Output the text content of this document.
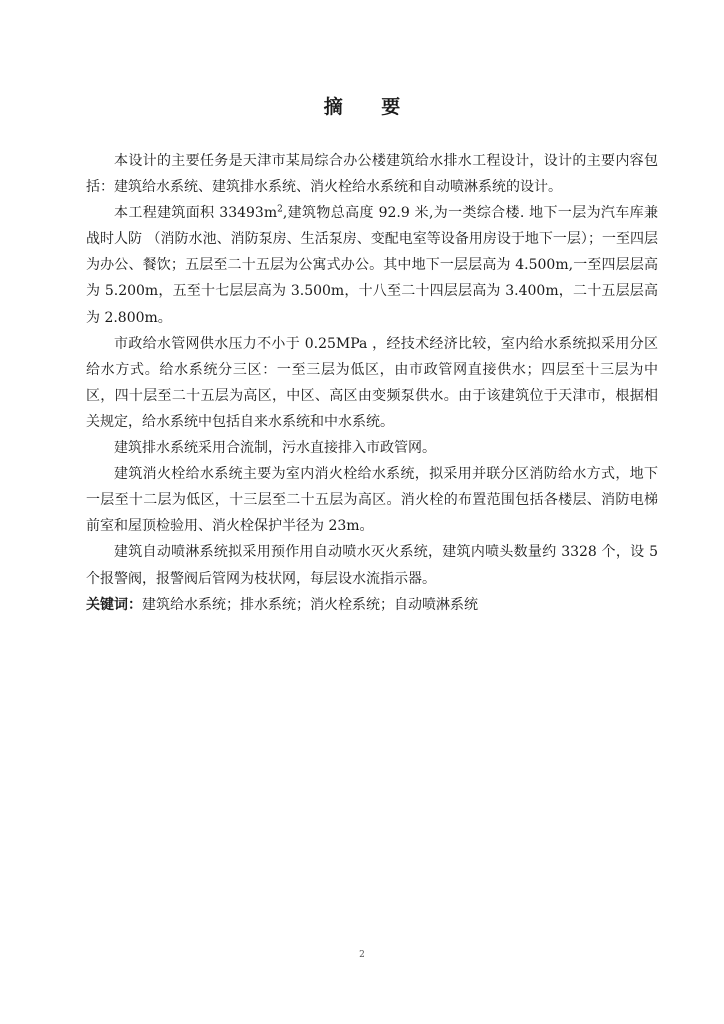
摘 要

本设计的主要任务是天津市某局综合办公楼建筑给水排水工程设计，设计的主要内容包括：建筑给水系统、建筑排水系统、消火栓给水系统和自动喷淋系统的设计。

本工程建筑面积 $33493m^2$,建筑物总高度 92.9 米,为一类综合楼. 地下一层为汽车库兼战时人防 （消防水池、消防泵房、生活泵房、变配电室等设备用房设于地下一层）；一至四层为办公、餐饮；五层至二十五层为公寓式办公。其中地下一层层高为 4.500m,一至四层层高为 5.200m，五至十七层层高为 3.500m，十八至二十四层层高为 3.400m，二十五层层高为 2.800m。

市政给水管网供水压力不小于 0.25MPa ，经技术经济比较，室内给水系统拟采用分区给水方式。给水系统分三区：一至三层为低区，由市政管网直接供水；四层至十三层为中区，四十层至二十五层为高区，中区、高区由变频泵供水。由于该建筑位于天津市，根据相关规定，给水系统中包括自来水系统和中水系统。

建筑排水系统采用合流制，污水直接排入市政管网。

建筑消火栓给水系统主要为室内消火栓给水系统，拟采用并联分区消防给水方式，地下一层至十二层为低区，十三层至二十五层为高区。消火栓的布置范围包括各楼层、消防电梯前室和屋顶检验用、消火栓保护半径为 23m。

建筑自动喷淋系统拟采用预作用自动喷水灭火系统，建筑内喷头数量约 3328 个，设 5 个报警阀，报警阀后管网为枝状网，每层设水流指示器。

关键词：建筑给水系统；排水系统；消火栓系统；自动喷淋系统

2
